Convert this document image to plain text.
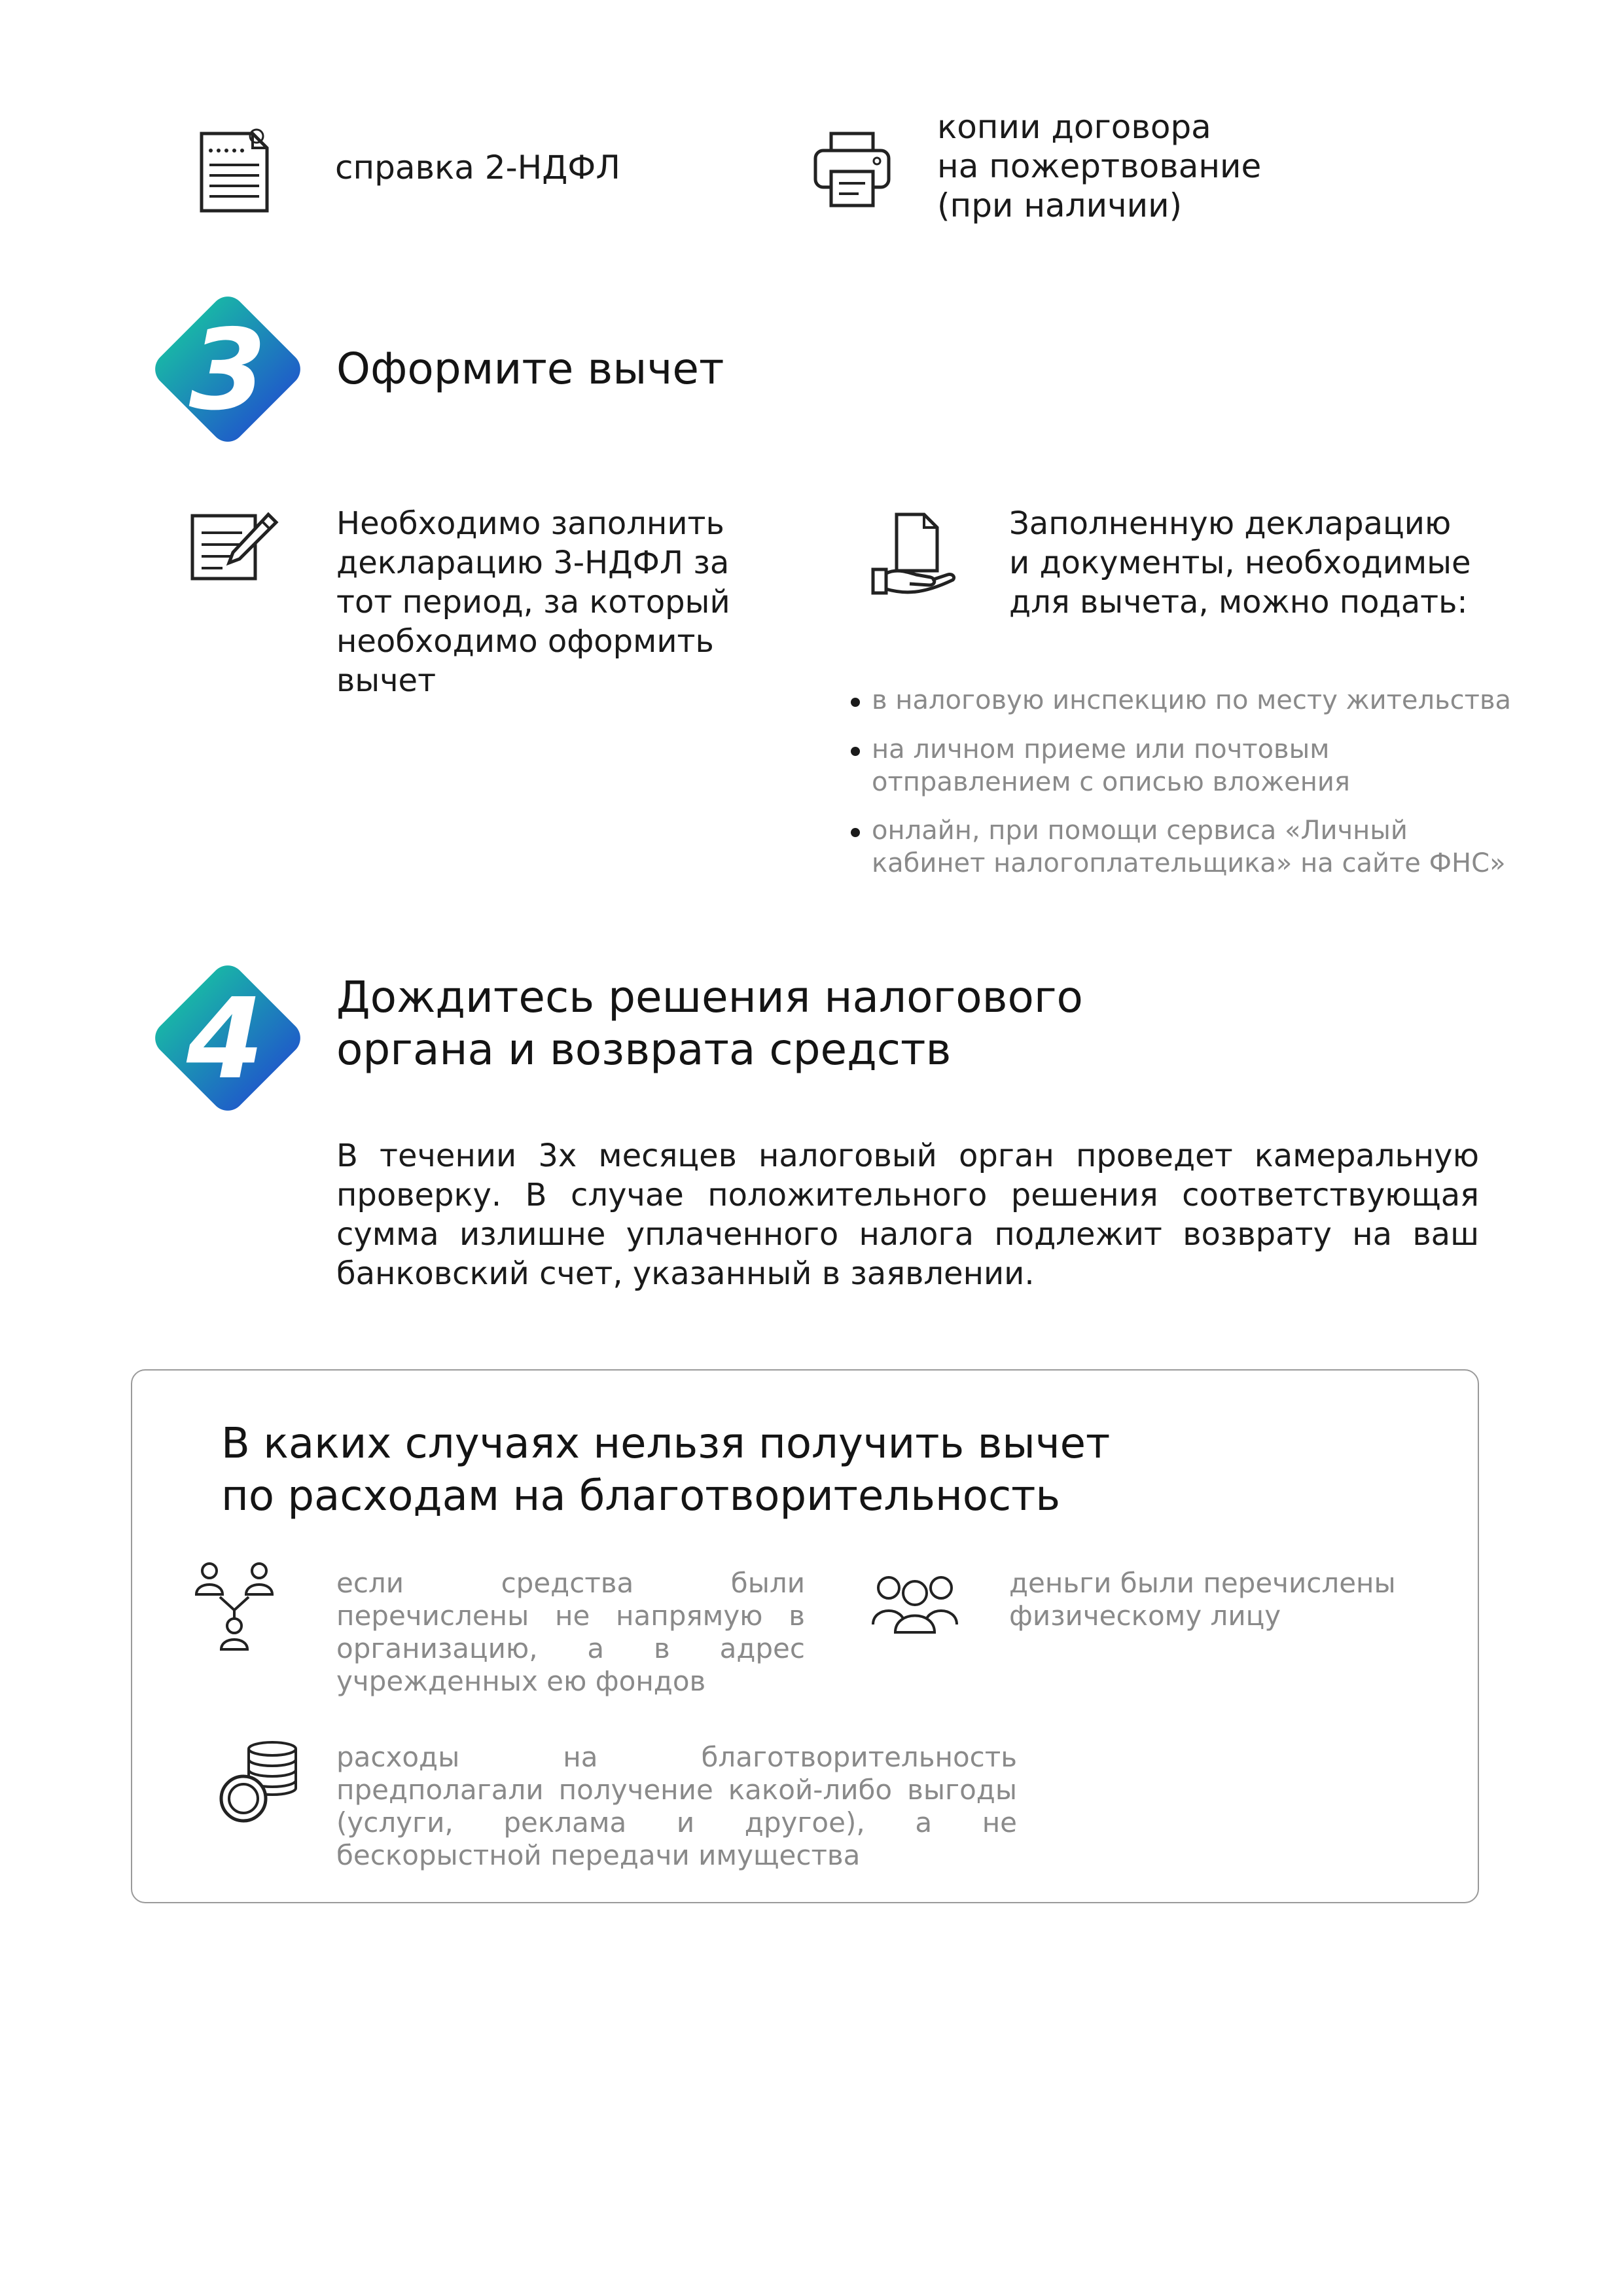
справка 2-НДФЛ
копии договора
на пожертвование
(при наличии)
3 Оформите вычет
Необходимо заполнить
декларацию 3-НДФЛ за
тот период, за который
необходимо оформить
вычет
Заполненную декларацию
и документы, необходимые
для вычета, можно подать:
в налоговую инспекцию по месту жительства
на личном приеме или почтовым
отправлением с описью вложения
онлайн, при помощи сервиса «Личный
кабинет налогоплательщика» на сайте ФНС»
4 Дождитесь решения налогового
органа и возврата средств
В течении 3х месяцев налоговый орган проведет камеральную проверку. В случае положительного решения соответствующая сумма излишне уплаченного налога подлежит возврату на ваш банковский счет, указанный в заявлении.
В каких случаях нельзя получить вычет
по расходам на благотворительность
если средства были перечислены не напрямую в организацию, а в адрес учрежденных ею фондов
деньги были перечислены
физическому лицу
расходы на благотворительность предполагали получение какой-либо выгоды (услуги, реклама и другое), а не бескорыстной передачи имущества
